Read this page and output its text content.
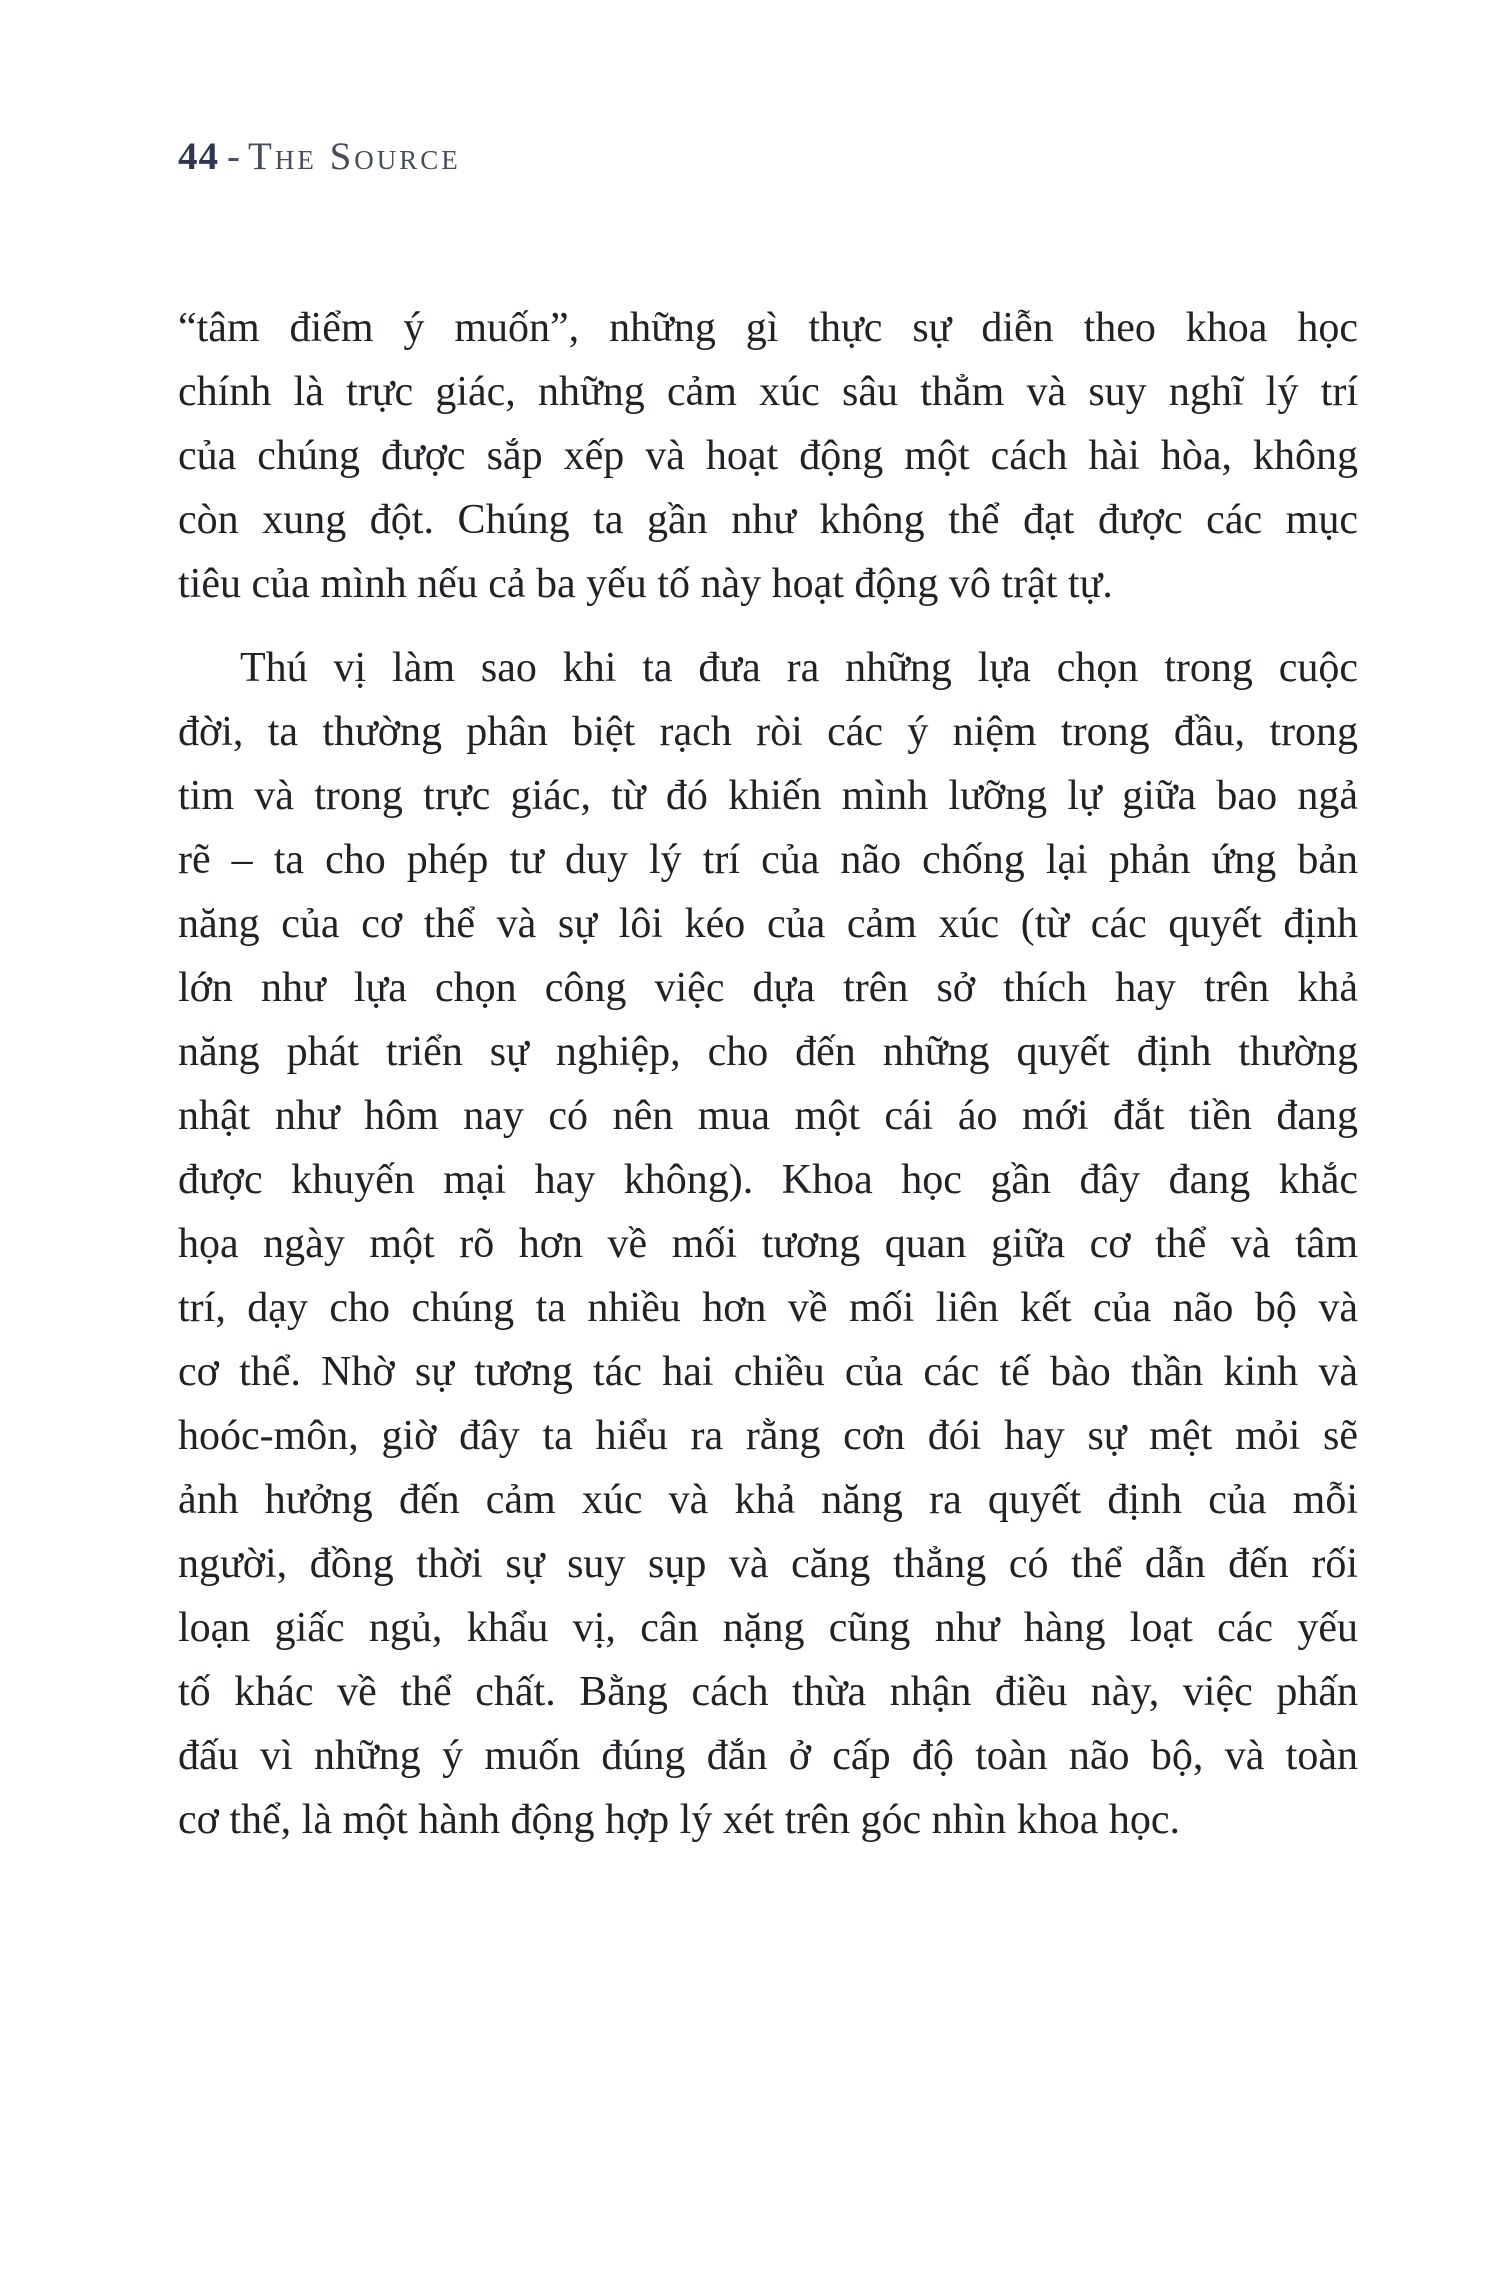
44 - The Source
“tâm điểm ý muốn”, những gì thực sự diễn theo khoa học
chính là trực giác, những cảm xúc sâu thẳm và suy nghĩ lý trí
của chúng được sắp xếp và hoạt động một cách hài hòa, không
còn xung đột. Chúng ta gần như không thể đạt được các mục
tiêu của mình nếu cả ba yếu tố này hoạt động vô trật tự.
Thú vị làm sao khi ta đưa ra những lựa chọn trong cuộc
đời, ta thường phân biệt rạch ròi các ý niệm trong đầu, trong
tim và trong trực giác, từ đó khiến mình lưỡng lự giữa bao ngả
rẽ – ta cho phép tư duy lý trí của não chống lại phản ứng bản
năng của cơ thể và sự lôi kéo của cảm xúc (từ các quyết định
lớn như lựa chọn công việc dựa trên sở thích hay trên khả
năng phát triển sự nghiệp, cho đến những quyết định thường
nhật như hôm nay có nên mua một cái áo mới đắt tiền đang
được khuyến mại hay không). Khoa học gần đây đang khắc
họa ngày một rõ hơn về mối tương quan giữa cơ thể và tâm
trí, dạy cho chúng ta nhiều hơn về mối liên kết của não bộ và
cơ thể. Nhờ sự tương tác hai chiều của các tế bào thần kinh và
hoóc-môn, giờ đây ta hiểu ra rằng cơn đói hay sự mệt mỏi sẽ
ảnh hưởng đến cảm xúc và khả năng ra quyết định của mỗi
người, đồng thời sự suy sụp và căng thẳng có thể dẫn đến rối
loạn giấc ngủ, khẩu vị, cân nặng cũng như hàng loạt các yếu
tố khác về thể chất. Bằng cách thừa nhận điều này, việc phấn
đấu vì những ý muốn đúng đắn ở cấp độ toàn não bộ, và toàn
cơ thể, là một hành động hợp lý xét trên góc nhìn khoa học.
